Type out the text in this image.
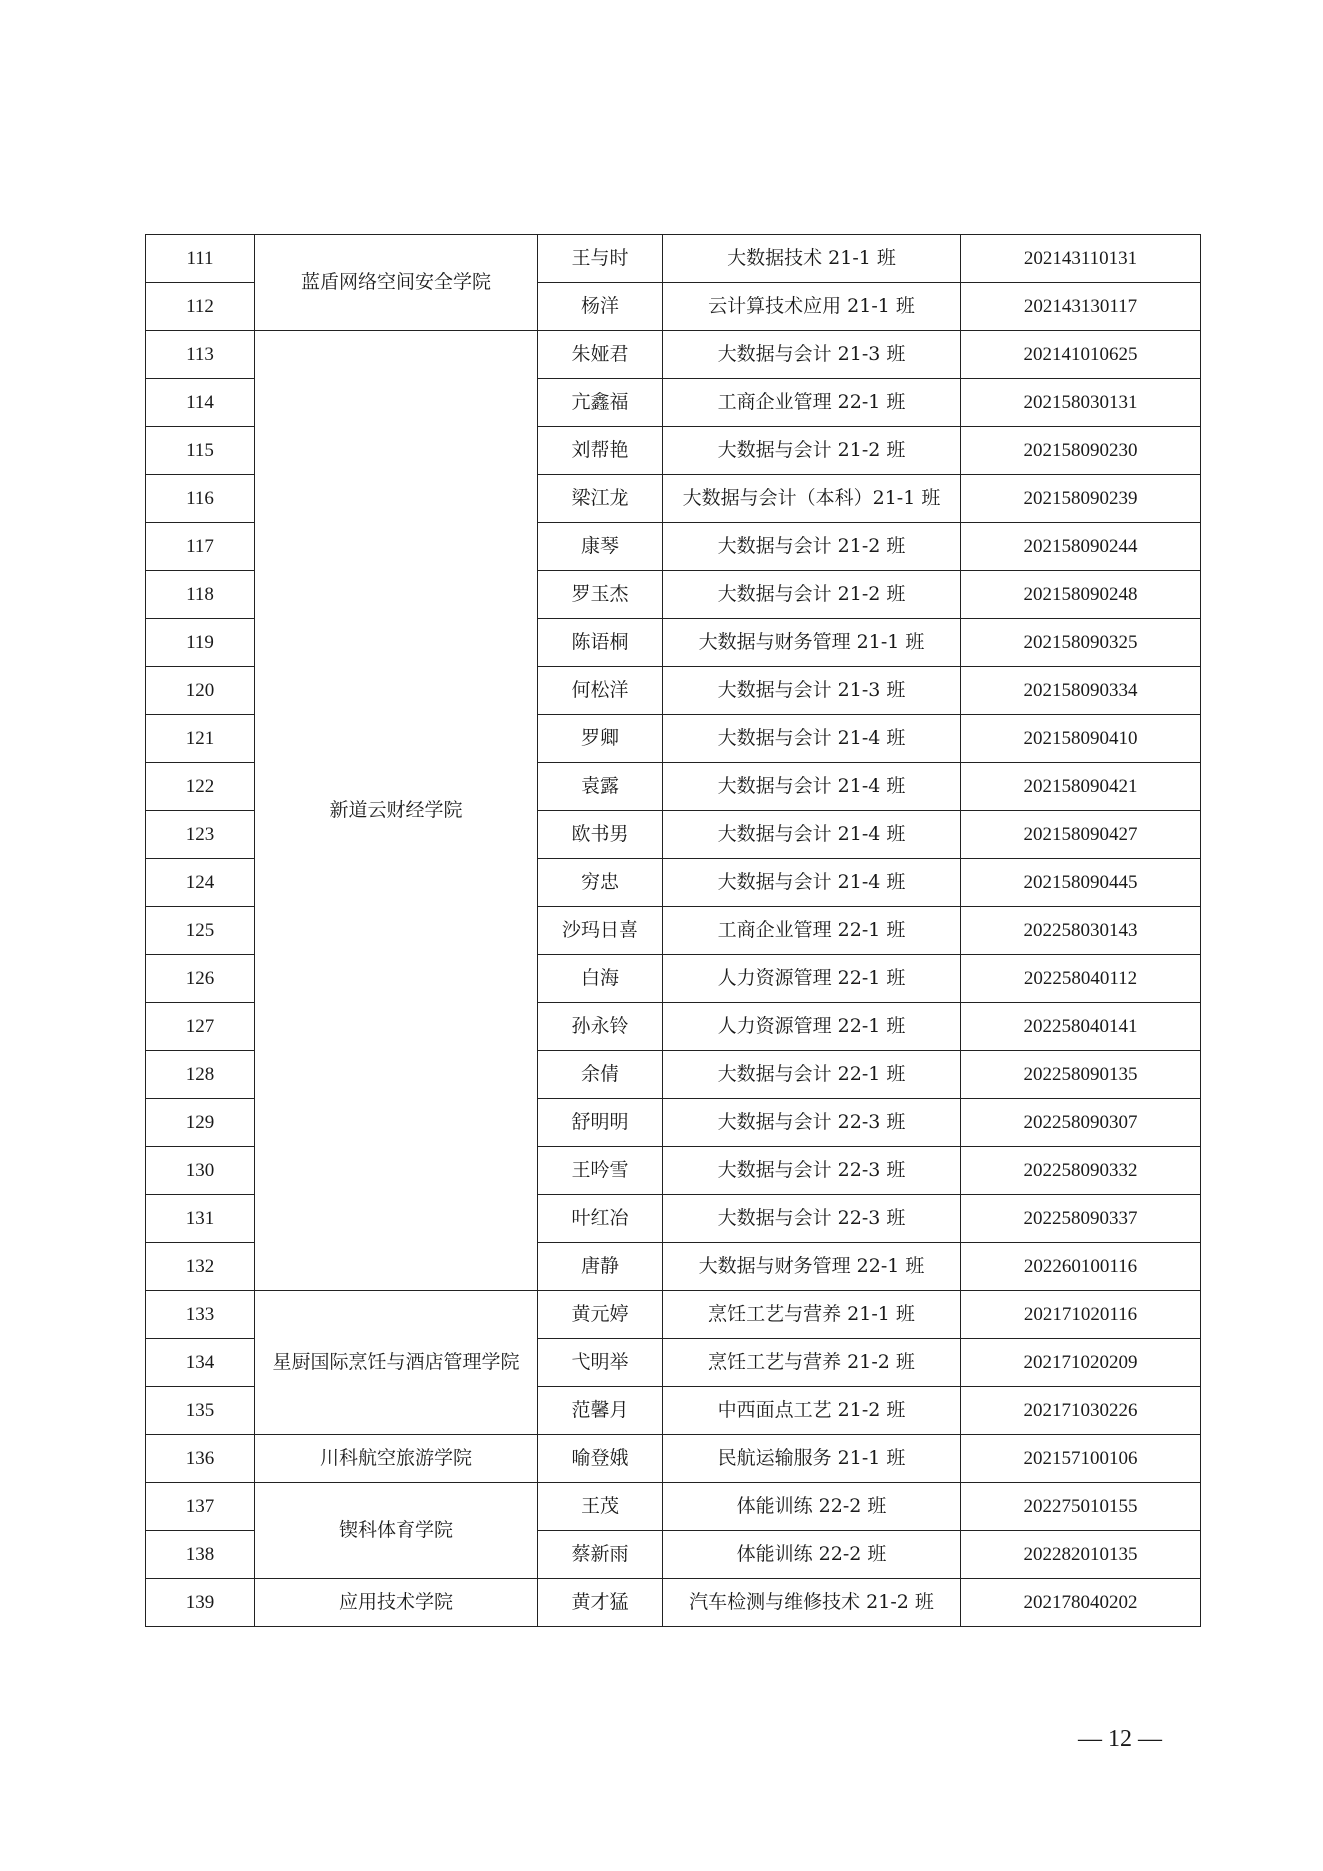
111	蓝盾网络空间安全学院	王与时	大数据技术 21-1 班	202143110131
112		杨洋	云计算技术应用 21-1 班	202143130117
113	新道云财经学院	朱娅君	大数据与会计 21-3 班	202141010625
114		亢鑫福	工商企业管理 22-1 班	202158030131
115		刘帮艳	大数据与会计 21-2 班	202158090230
116		梁江龙	大数据与会计（本科）21-1 班	202158090239
117		康琴	大数据与会计 21-2 班	202158090244
118		罗玉杰	大数据与会计 21-2 班	202158090248
119		陈语桐	大数据与财务管理 21-1 班	202158090325
120		何松洋	大数据与会计 21-3 班	202158090334
121		罗卿	大数据与会计 21-4 班	202158090410
122		袁露	大数据与会计 21-4 班	202158090421
123		欧书男	大数据与会计 21-4 班	202158090427
124		穷忠	大数据与会计 21-4 班	202158090445
125		沙玛日喜	工商企业管理 22-1 班	202258030143
126		白海	人力资源管理 22-1 班	202258040112
127		孙永铃	人力资源管理 22-1 班	202258040141
128		余倩	大数据与会计 22-1 班	202258090135
129		舒明明	大数据与会计 22-3 班	202258090307
130		王吟雪	大数据与会计 22-3 班	202258090332
131		叶红冶	大数据与会计 22-3 班	202258090337
132		唐静	大数据与财务管理 22-1 班	202260100116
133	星厨国际烹饪与酒店管理学院	黄元婷	烹饪工艺与营养 21-1 班	202171020116
134		弋明举	烹饪工艺与营养 21-2 班	202171020209
135		范馨月	中西面点工艺 21-2 班	202171030226
136	川科航空旅游学院	喻登娥	民航运输服务 21-1 班	202157100106
137	锲科体育学院	王茂	体能训练 22-2 班	202275010155
138		蔡新雨	体能训练 22-2 班	202282010135
139	应用技术学院	黄才猛	汽车检测与维修技术 21-2 班	202178040202
— 12 —
